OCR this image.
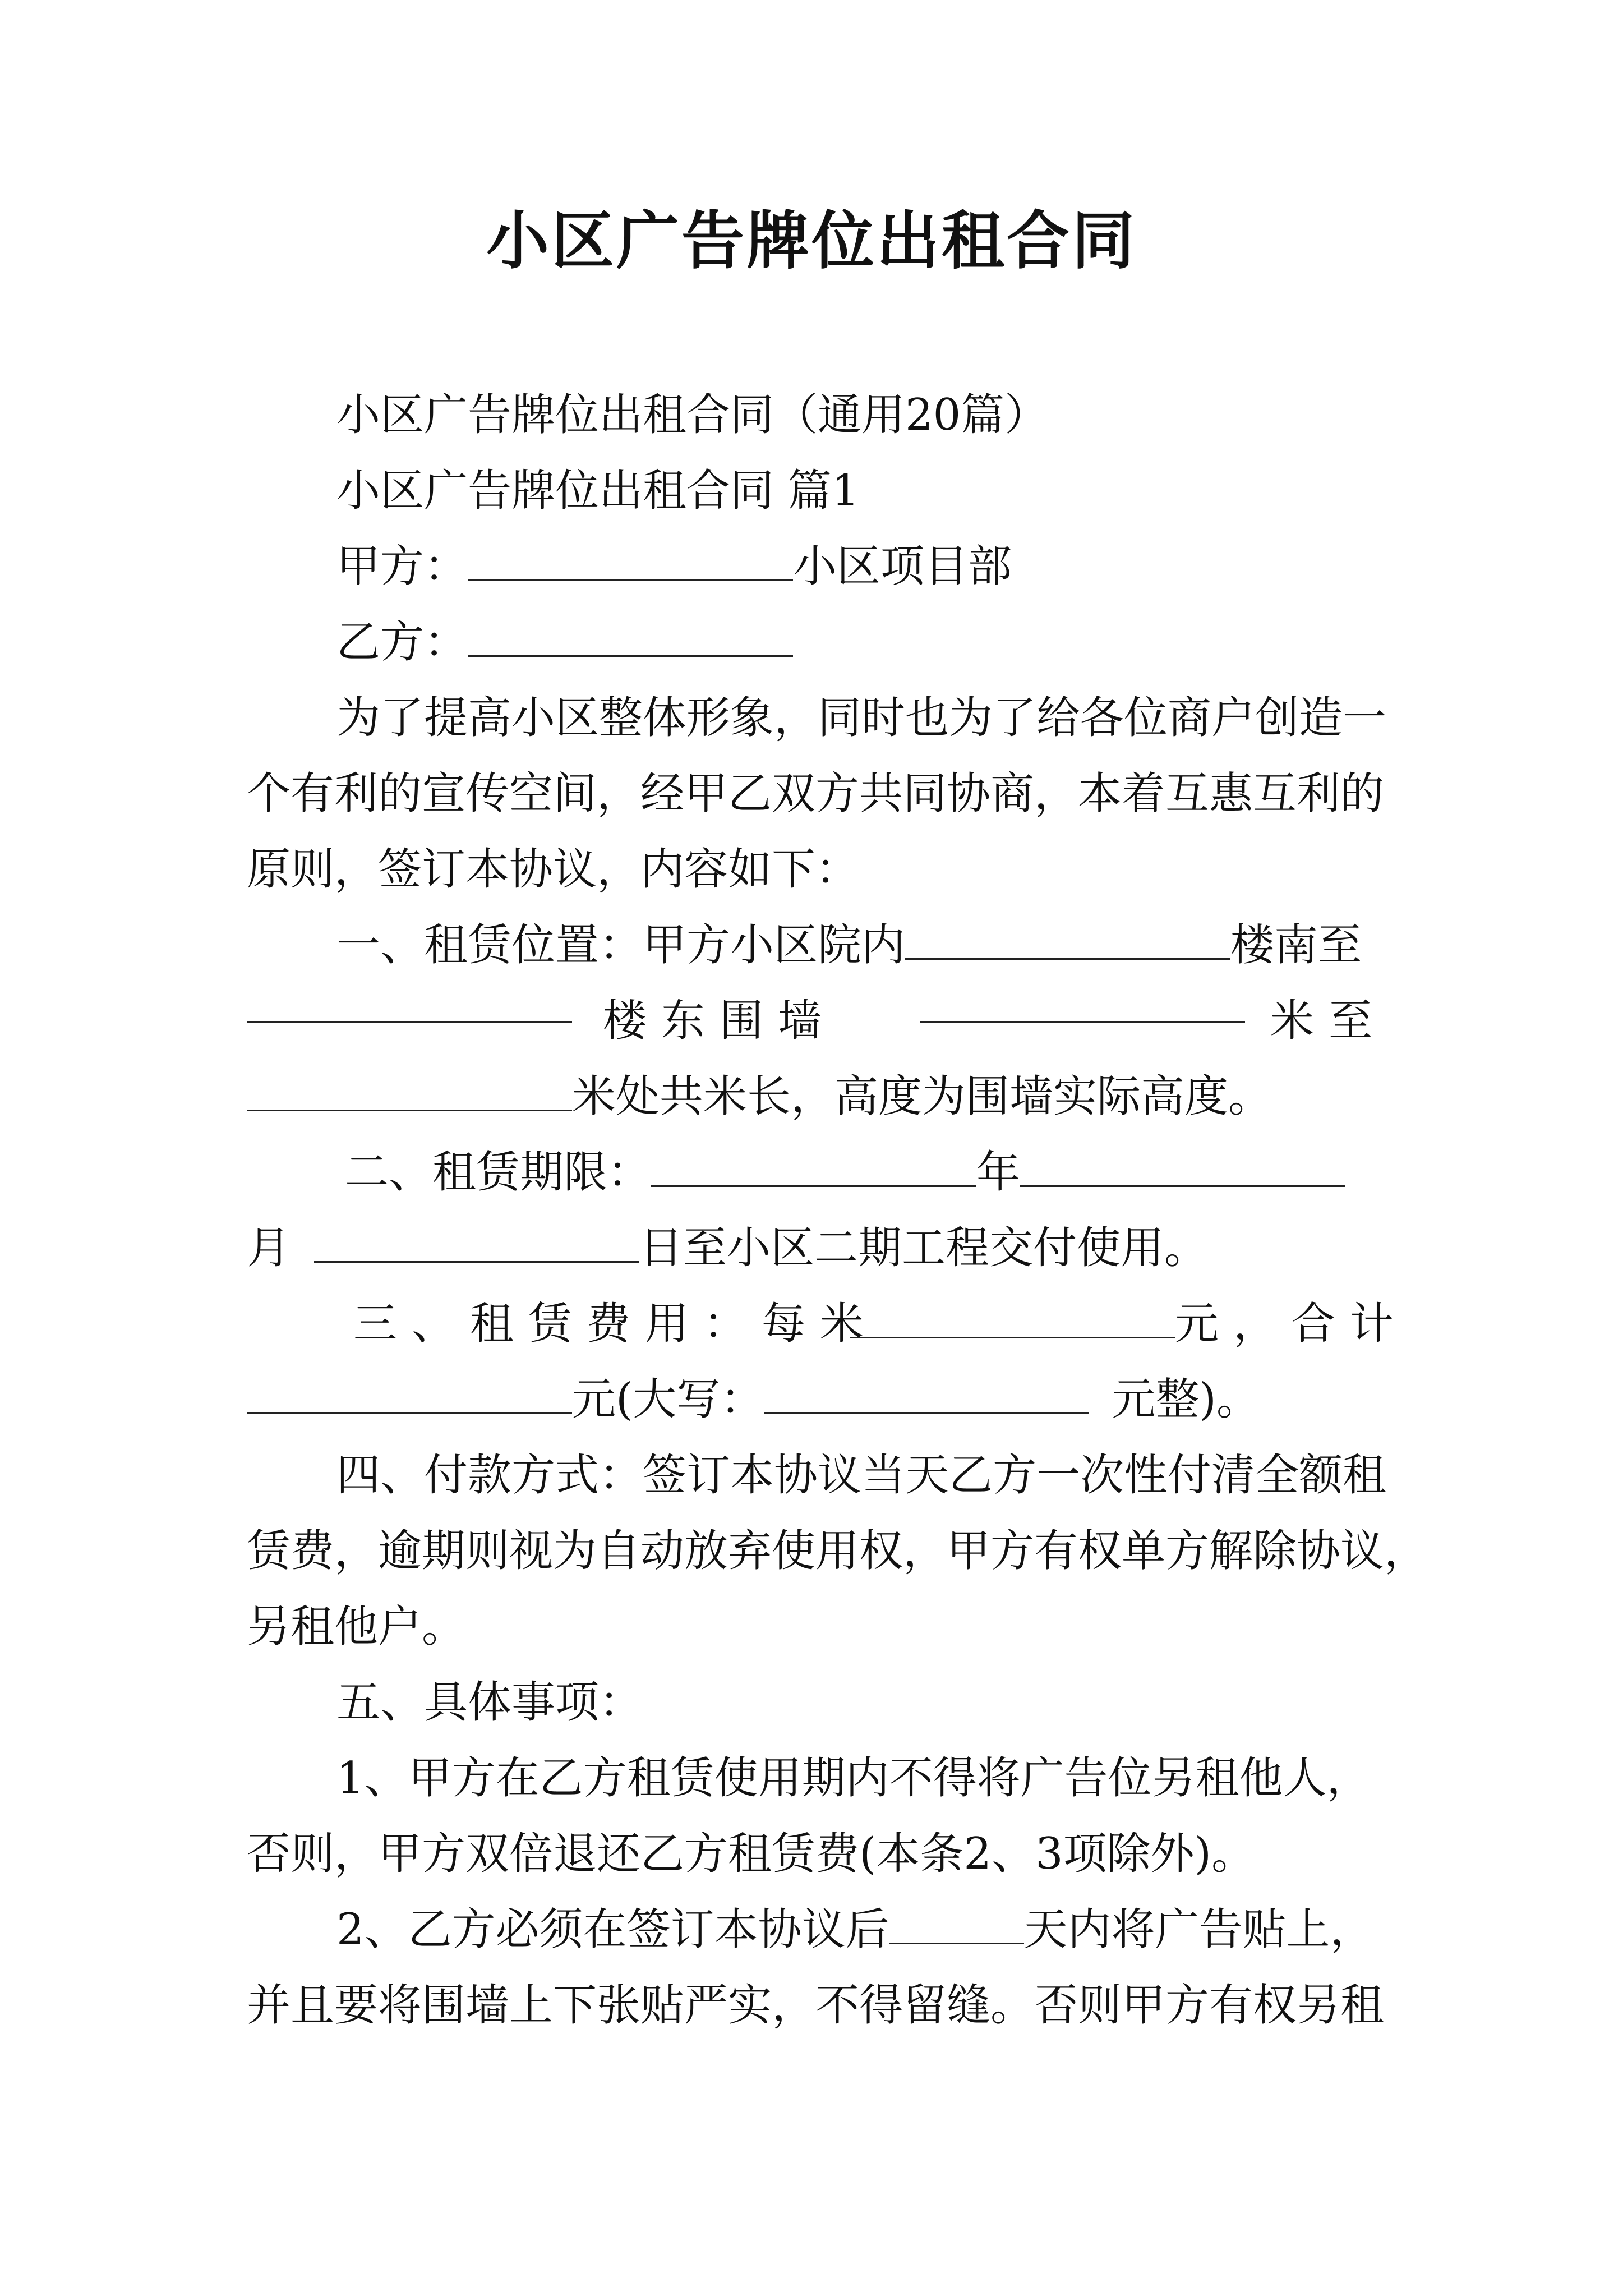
小区广告牌位出租合同
小区广告牌位出租合同（通用20篇）
小区广告牌位出租合同 篇1
甲方：	小区项目部
乙方：
为了提高小区整体形象，同时也为了给各位商户创造一
个有利的宣传空间，经甲乙双方共同协商，本着互惠互利的
原则，签订本协议，内容如下：
一、租赁位置：甲方小区院内	楼南至
楼东围墙	米至
米处共米长，高度为围墙实际高度。
二、租赁期限：	年
月	日至小区二期工程交付使用。
三、租赁费用：每米	元，合计
元(大写：	元整)。
四、付款方式：签订本协议当天乙方一次性付清全额租
赁费，逾期则视为自动放弃使用权，甲方有权单方解除协议，
另租他户。
五、具体事项：
1、甲方在乙方租赁使用期内不得将广告位另租他人，
否则，甲方双倍退还乙方租赁费(本条2、3项除外)。
2、乙方必须在签订本协议后	天内将广告贴上，
并且要将围墙上下张贴严实，不得留缝。否则甲方有权另租
